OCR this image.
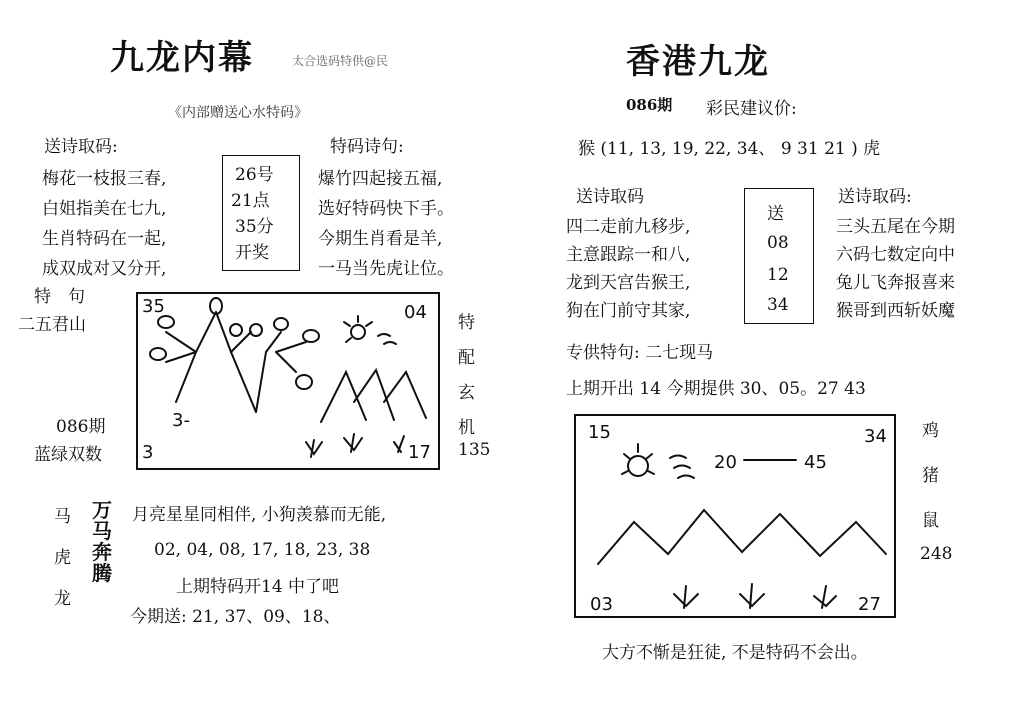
九龙内幕	太合选码特供@民
《内部赠送心水特码》
送诗取码:
梅花一枝报三春,
白姐指美在七九,
生肖特码在一起,
成双成对又分开,
26号
21点
35分
开奖
特码诗句:
爆竹四起接五福,
选好特码快下手。
今期生肖看是羊,
一马当先虎让位。
特　句
二五君山
086期
蓝绿双数
35	04
3	17
3-
特
配
玄
机
135
马
虎
龙
万
马
奔
腾
月亮星星同相伴, 小狗羡慕而无能,
02, 04, 08, 17, 18, 23, 38
上期特码开14 中了吧
今期送: 21, 37、09、18、
香港九龙
086期 彩民建议价:
猴 (11, 13, 19, 22, 34、 9 31 21 ) 虎
送诗取码
四二走前九移步,
主意跟踪一和八,
龙到天宫告猴王,
狗在门前守其家,
送
08
12
34
送诗取码:
三头五尾在今期
六码七数定向中
兔儿飞奔报喜来
猴哥到西斩妖魔
专供特句: 二七现马
上期开出 14 今期提供 30、05。27 43
15	34
03	27
20	45
鸡
猪
鼠
248
大方不惭是狂徒, 不是特码不会出。
